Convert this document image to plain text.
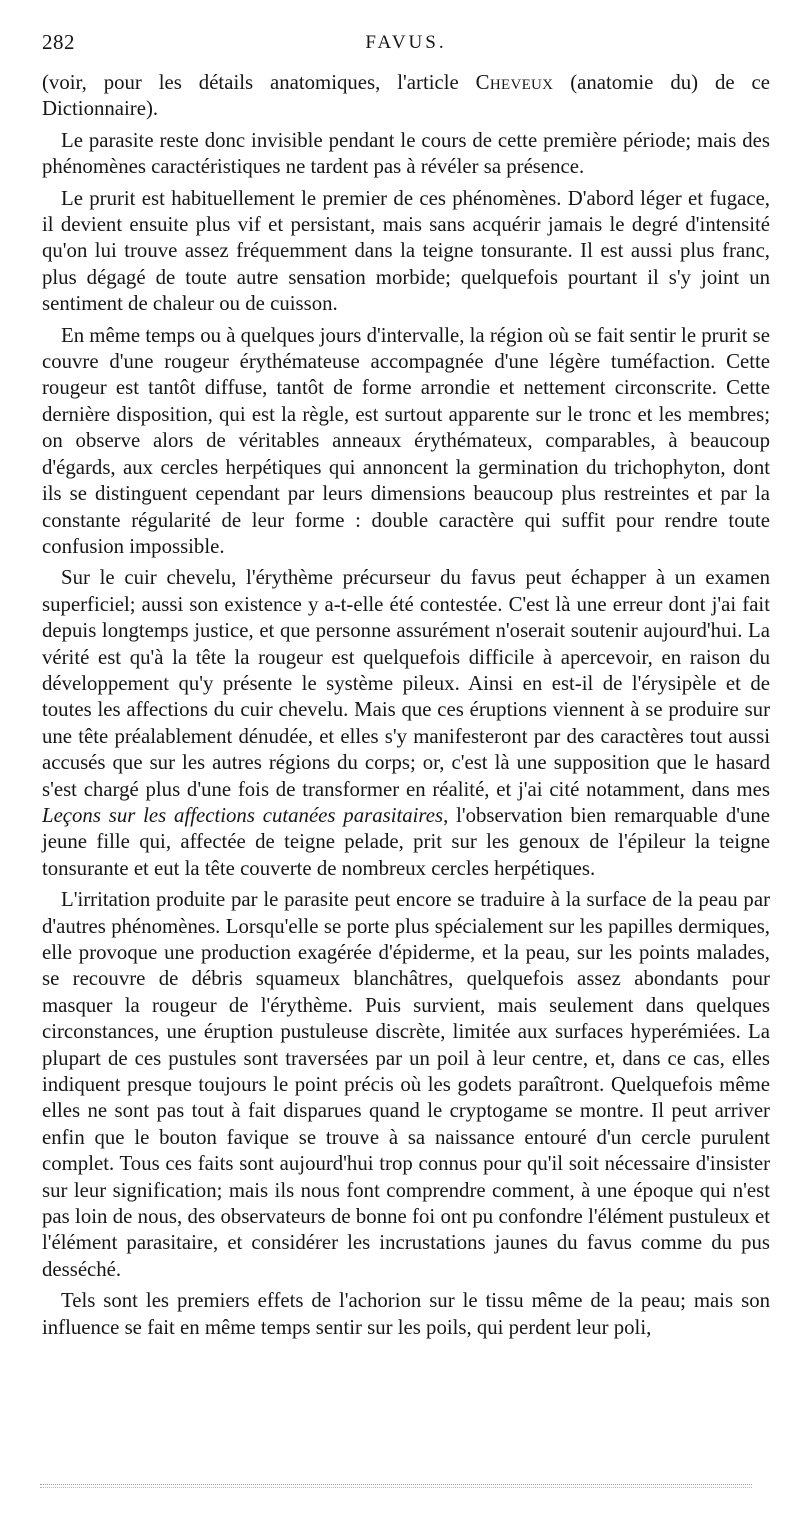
282	FAVUS.

(voir, pour les détails anatomiques, l'article Cheveux (anatomie du) de ce Dictionnaire).

Le parasite reste donc invisible pendant le cours de cette première période; mais des phénomènes caractéristiques ne tardent pas à révéler sa présence.

Le prurit est habituellement le premier de ces phénomènes. D'abord léger et fugace, il devient ensuite plus vif et persistant, mais sans acquérir jamais le degré d'intensité qu'on lui trouve assez fréquemment dans la teigne tonsurante. Il est aussi plus franc, plus dégagé de toute autre sensation morbide; quelquefois pourtant il s'y joint un sentiment de chaleur ou de cuisson.

En même temps ou à quelques jours d'intervalle, la région où se fait sentir le prurit se couvre d'une rougeur érythémateuse accompagnée d'une légère tuméfaction. Cette rougeur est tantôt diffuse, tantôt de forme arrondie et nettement circonscrite. Cette dernière disposition, qui est la règle, est surtout apparente sur le tronc et les membres; on observe alors de véritables anneaux érythémateux, comparables, à beaucoup d'égards, aux cercles herpétiques qui annoncent la germination du trichophyton, dont ils se distinguent cependant par leurs dimensions beaucoup plus restreintes et par la constante régularité de leur forme : double caractère qui suffit pour rendre toute confusion impossible.

Sur le cuir chevelu, l'érythème précurseur du favus peut échapper à un examen superficiel; aussi son existence y a-t-elle été contestée. C'est là une erreur dont j'ai fait depuis longtemps justice, et que personne assurément n'oserait soutenir aujourd'hui. La vérité est qu'à la tête la rougeur est quelquefois difficile à apercevoir, en raison du développement qu'y présente le système pileux. Ainsi en est-il de l'érysipèle et de toutes les affections du cuir chevelu. Mais que ces éruptions viennent à se produire sur une tête préalablement dénudée, et elles s'y manifesteront par des caractères tout aussi accusés que sur les autres régions du corps; or, c'est là une supposition que le hasard s'est chargé plus d'une fois de transformer en réalité, et j'ai cité notamment, dans mes Leçons sur les affections cutanées parasitaires, l'observation bien remarquable d'une jeune fille qui, affectée de teigne pelade, prit sur les genoux de l'épileur la teigne tonsurante et eut la tête couverte de nombreux cercles herpétiques.

L'irritation produite par le parasite peut encore se traduire à la surface de la peau par d'autres phénomènes. Lorsqu'elle se porte plus spécialement sur les papilles dermiques, elle provoque une production exagérée d'épiderme, et la peau, sur les points malades, se recouvre de débris squameux blanchâtres, quelquefois assez abondants pour masquer la rougeur de l'érythème. Puis survient, mais seulement dans quelques circonstances, une éruption pustuleuse discrète, limitée aux surfaces hyperémiées. La plupart de ces pustules sont traversées par un poil à leur centre, et, dans ce cas, elles indiquent presque toujours le point précis où les godets paraîtront. Quelquefois même elles ne sont pas tout à fait disparues quand le cryptogame se montre. Il peut arriver enfin que le bouton favique se trouve à sa naissance entouré d'un cercle purulent complet. Tous ces faits sont aujourd'hui trop connus pour qu'il soit nécessaire d'insister sur leur signification; mais ils nous font comprendre comment, à une époque qui n'est pas loin de nous, des observateurs de bonne foi ont pu confondre l'élément pustuleux et l'élément parasitaire, et considérer les incrustations jaunes du favus comme du pus desséché.

Tels sont les premiers effets de l'achorion sur le tissu même de la peau; mais son influence se fait en même temps sentir sur les poils, qui perdent leur poli,
